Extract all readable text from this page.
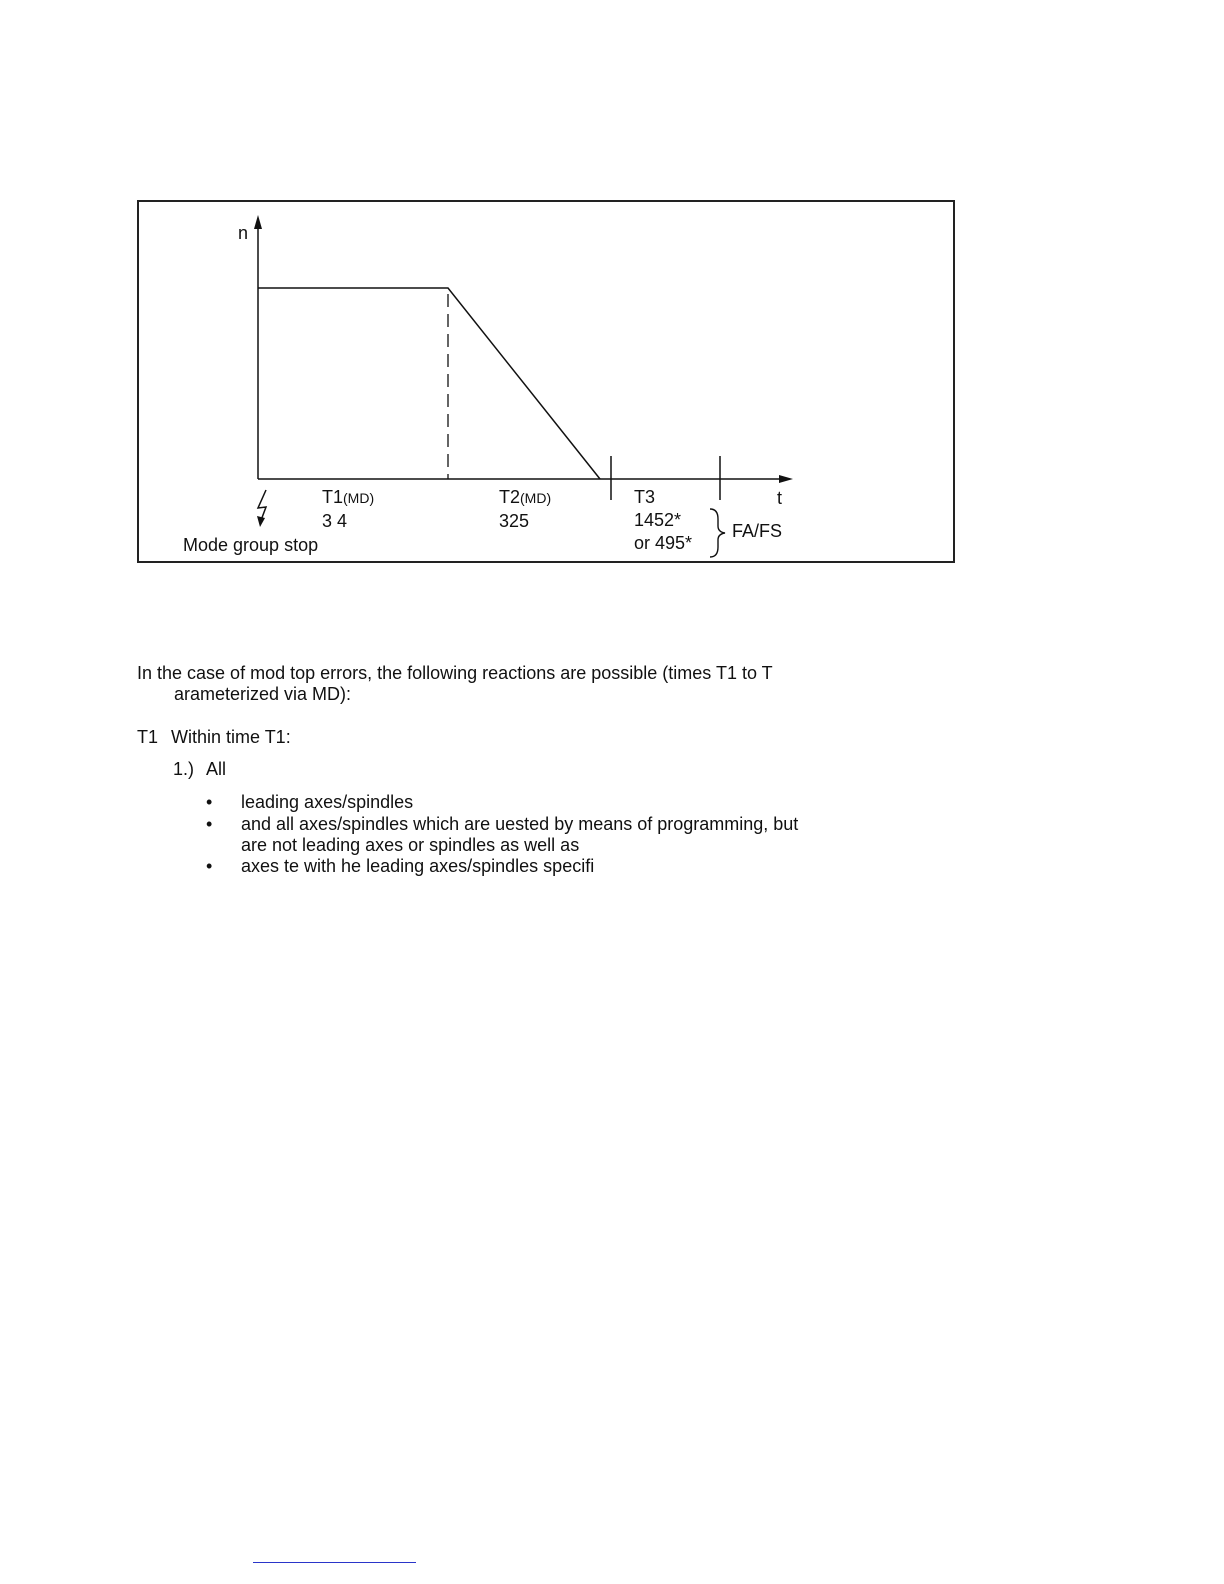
n
t
T1(MD)
3 4
T2(MD)
325
T3
1452*
or 495*
FA/FS
Mode group stop
In the case of mod top errors, the following reactions are possible (times T1 to T
arameterized via MD):
T1 Within time T1:
1.) All
• leading axes/spindles
• and all axes/spindles which are uested by means of programming, but
are not leading axes or spindles as well as
• axes te with he leading axes/spindles specifi
